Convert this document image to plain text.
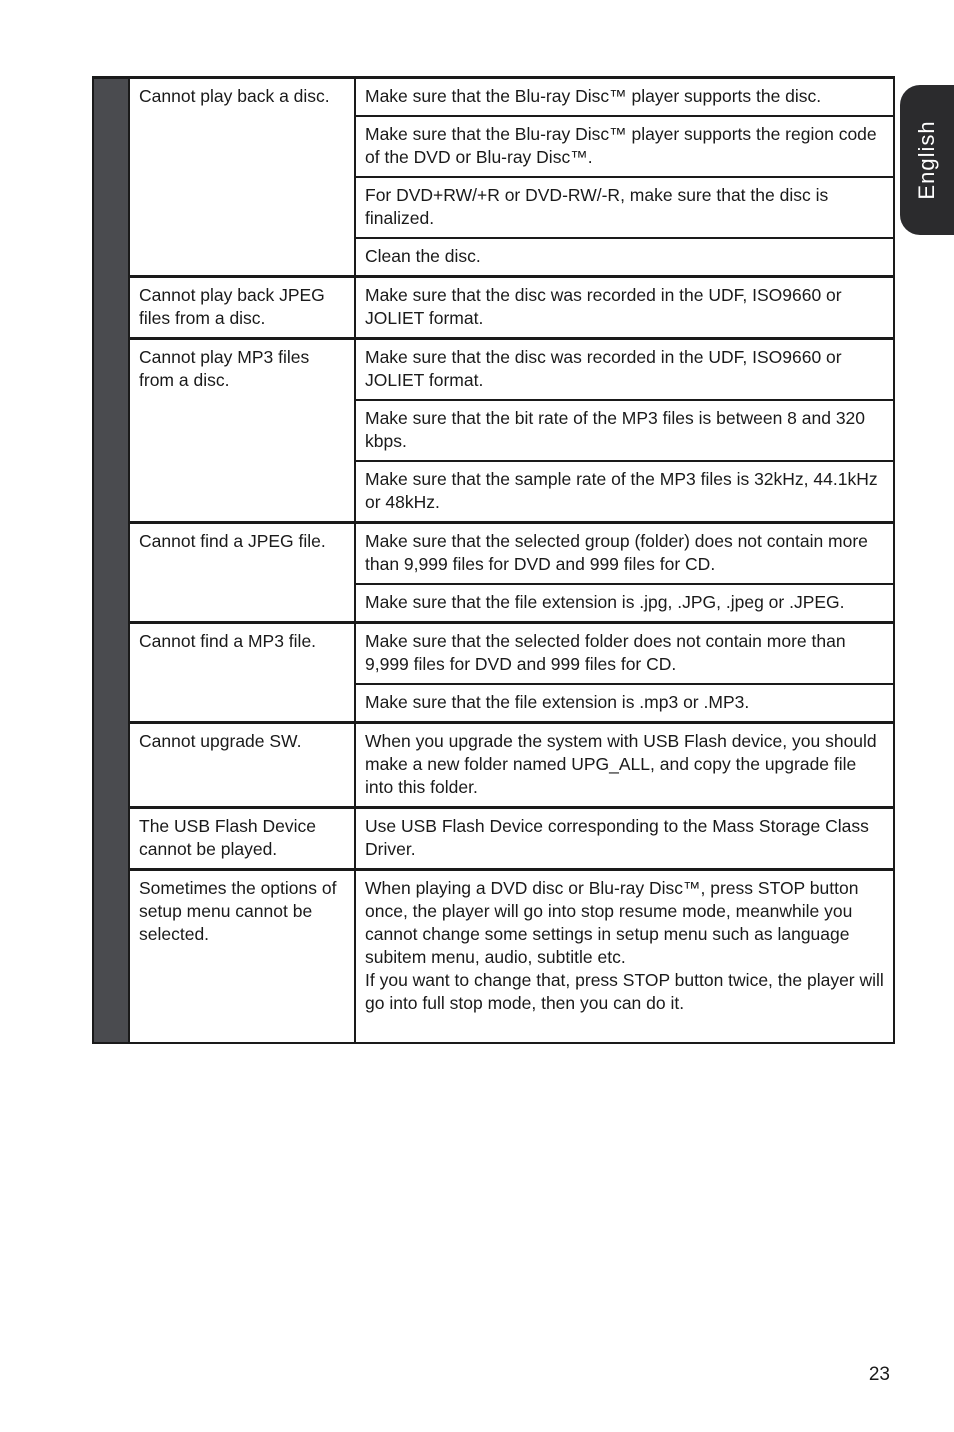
English
	Cannot play back a disc.	Make sure that the Blu-ray Disc™ player supports the disc.
		Make sure that the Blu-ray Disc™ player supports the region code of the DVD or Blu-ray Disc™.
		For DVD+RW/+R or DVD-RW/-R, make sure that the disc is finalized.
		Clean the disc.
	Cannot play back JPEG files from a disc.	Make sure that the disc was recorded in the UDF, ISO9660 or JOLIET format.
	Cannot play MP3 files from a disc.	Make sure that the disc was recorded in the UDF, ISO9660 or JOLIET format.
		Make sure that the bit rate of the MP3 files is between 8 and 320 kbps.
		Make sure that the sample rate of the MP3 files is 32kHz, 44.1kHz or 48kHz.
	Cannot find a JPEG file.	Make sure that the selected group (folder) does not contain more than 9,999 files for DVD and 999 files for CD.
		Make sure that the file extension is .jpg, .JPG, .jpeg or .JPEG.
	Cannot find a MP3 file.	Make sure that the selected folder does not contain more than 9,999 files for DVD and 999 files for CD.
		Make sure that the file extension is .mp3 or .MP3.
	Cannot upgrade SW.	When you upgrade the system with USB Flash device, you should make a new folder named UPG_ALL, and copy the upgrade file into this folder.
	The USB Flash Device cannot be played.	Use USB Flash Device corresponding to the Mass Storage Class Driver.
	Sometimes the options of setup menu cannot be selected.	When playing a DVD disc or Blu-ray Disc™, press STOP button once, the player will go into stop resume mode, meanwhile you cannot change some settings in setup menu such as language subitem menu, audio, subtitle etc.
If you want to change that, press STOP button twice, the player will go into full stop mode, then you can do it.
23
